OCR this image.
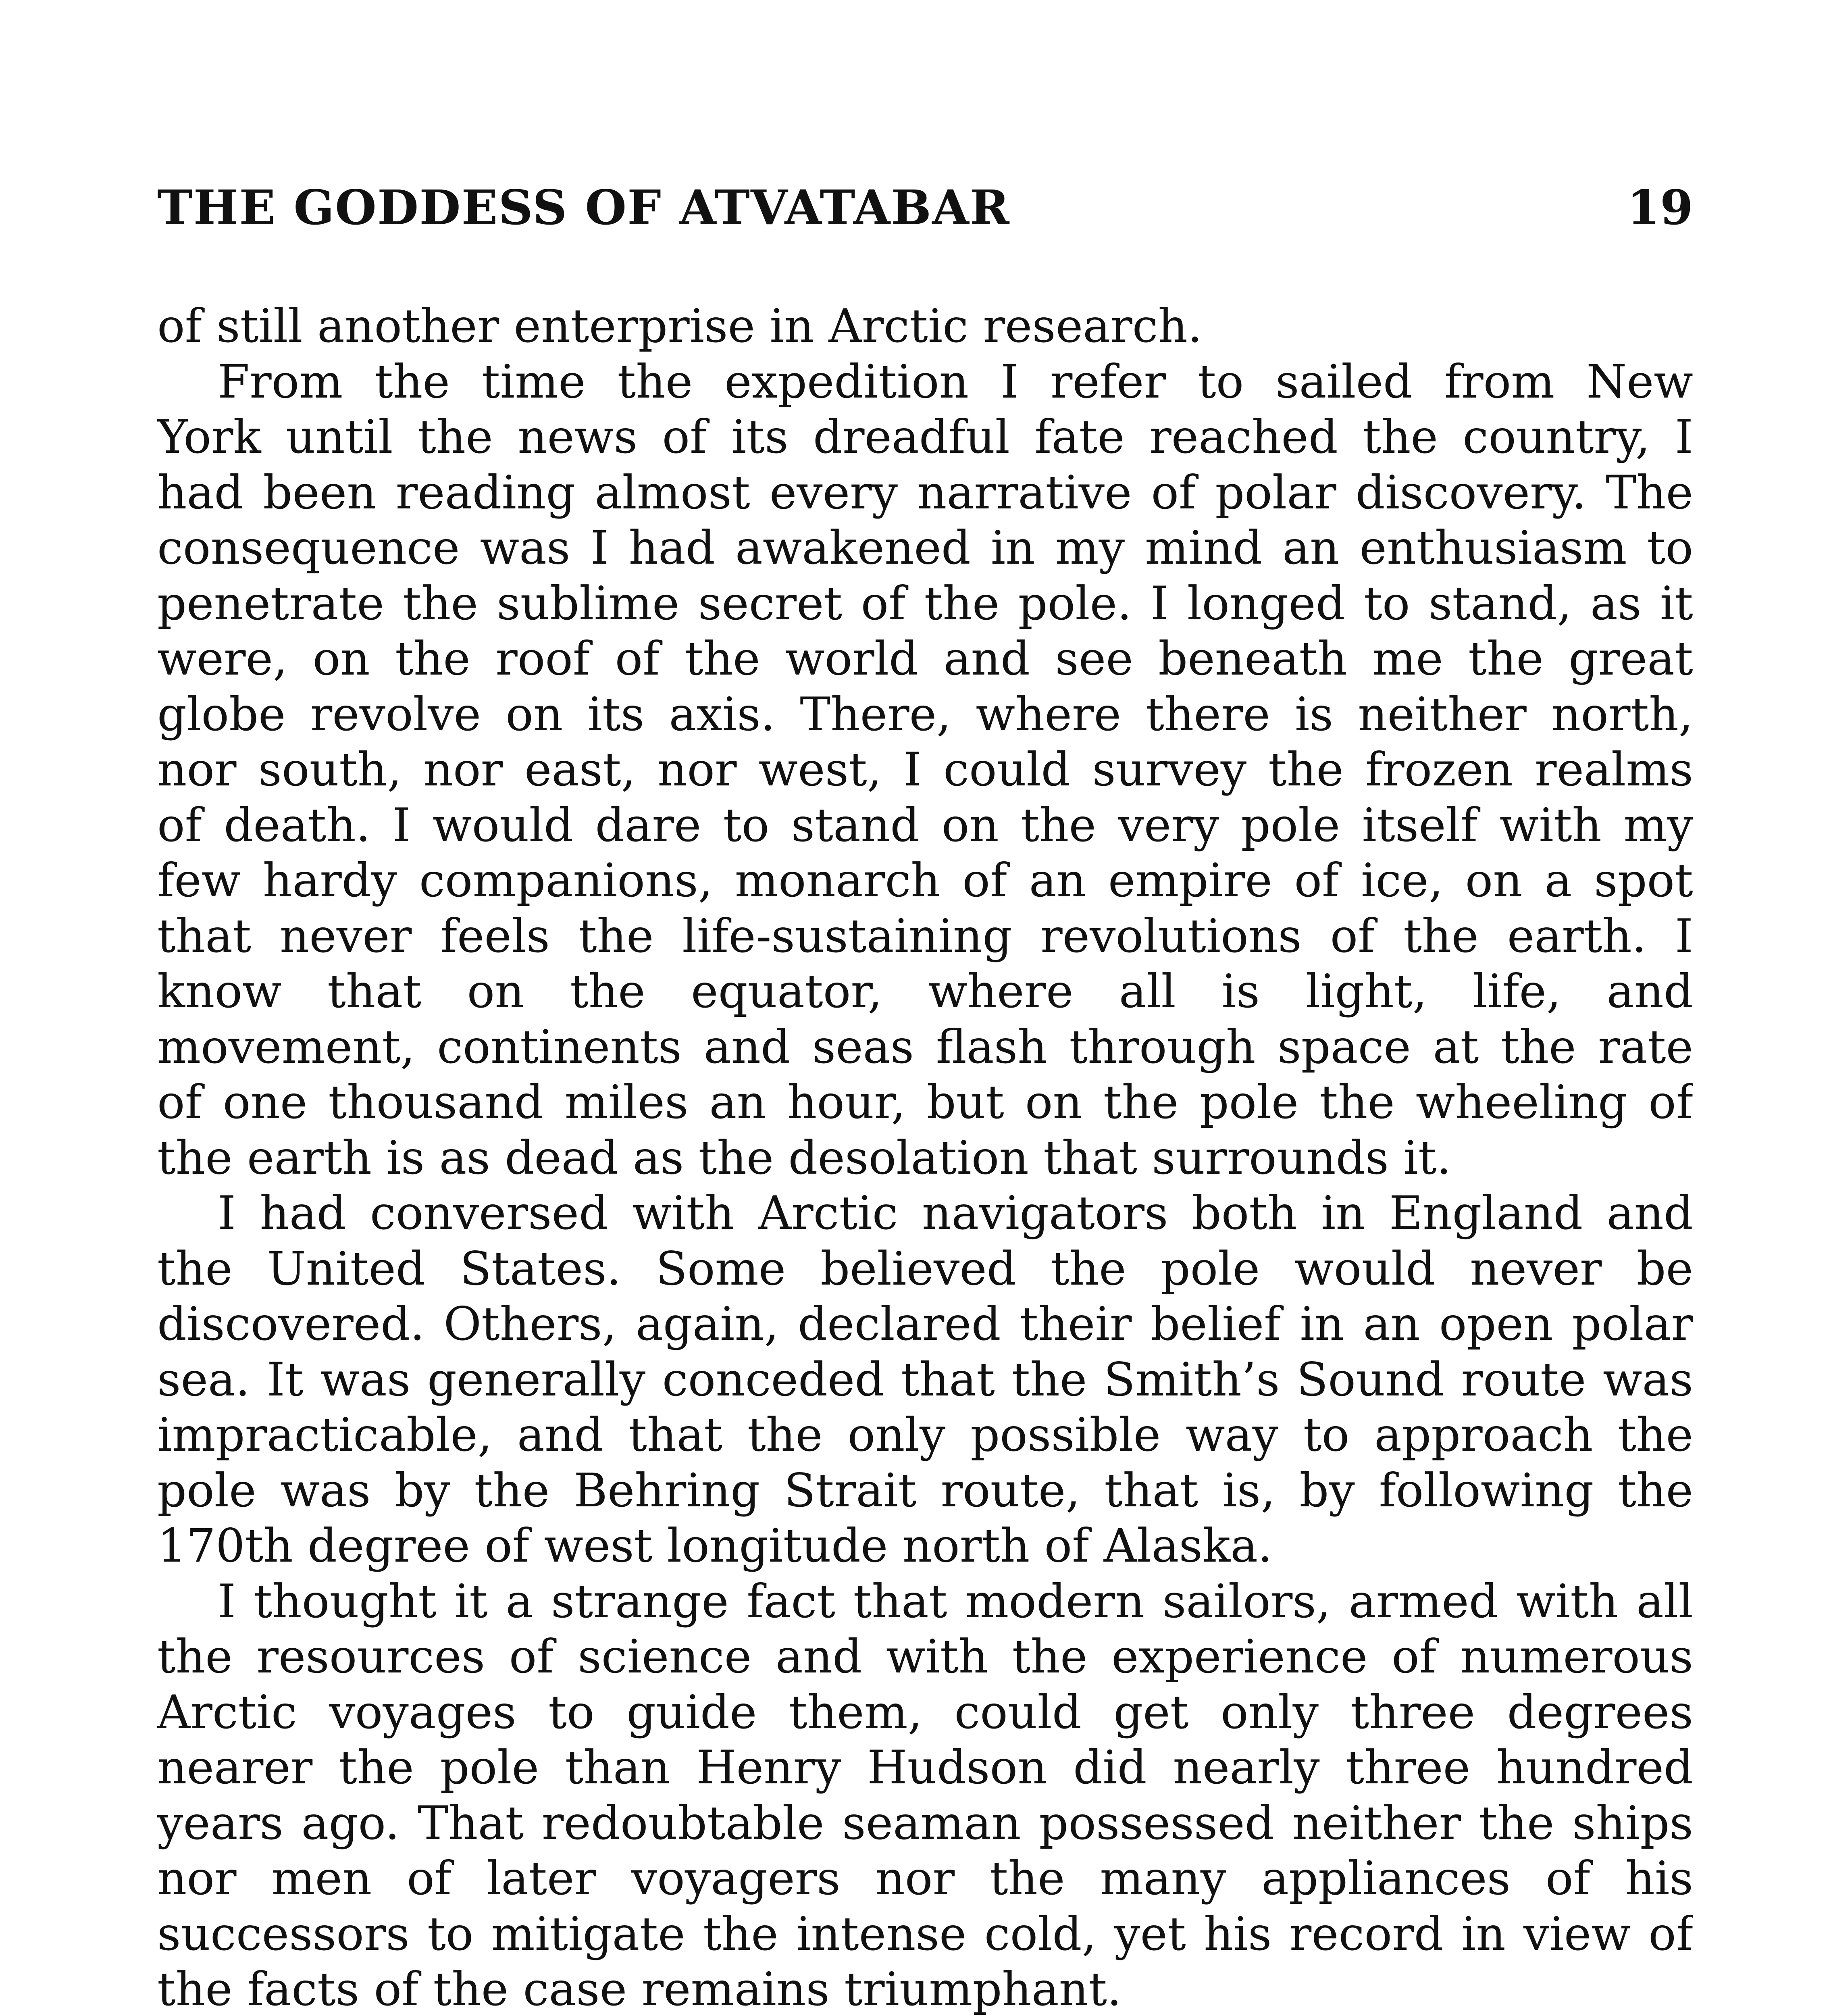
THE GODDESS OF ATVATABAR	19
of still another enterprise in Arctic research.
From the time the expedition I refer to sailed from New
York until the news of its dreadful fate reached the country, I
had been reading almost every narrative of polar discovery. The
consequence was I had awakened in my mind an enthusiasm to
penetrate the sublime secret of the pole. I longed to stand, as it
were, on the roof of the world and see beneath me the great
globe revolve on its axis. There, where there is neither north,
nor south, nor east, nor west, I could survey the frozen realms
of death. I would dare to stand on the very pole itself with my
few hardy companions, monarch of an empire of ice, on a spot
that never feels the life-sustaining revolutions of the earth. I
know that on the equator, where all is light, life, and
movement, continents and seas flash through space at the rate
of one thousand miles an hour, but on the pole the wheeling of
the earth is as dead as the desolation that surrounds it.
I had conversed with Arctic navigators both in England and
the United States. Some believed the pole would never be
discovered. Others, again, declared their belief in an open polar
sea. It was generally conceded that the Smith’s Sound route was
impracticable, and that the only possible way to approach the
pole was by the Behring Strait route, that is, by following the
170th degree of west longitude north of Alaska.
I thought it a strange fact that modern sailors, armed with all
the resources of science and with the experience of numerous
Arctic voyages to guide them, could get only three degrees
nearer the pole than Henry Hudson did nearly three hundred
years ago. That redoubtable seaman possessed neither the ships
nor men of later voyagers nor the many appliances of his
successors to mitigate the intense cold, yet his record in view of
the facts of the case remains triumphant.
